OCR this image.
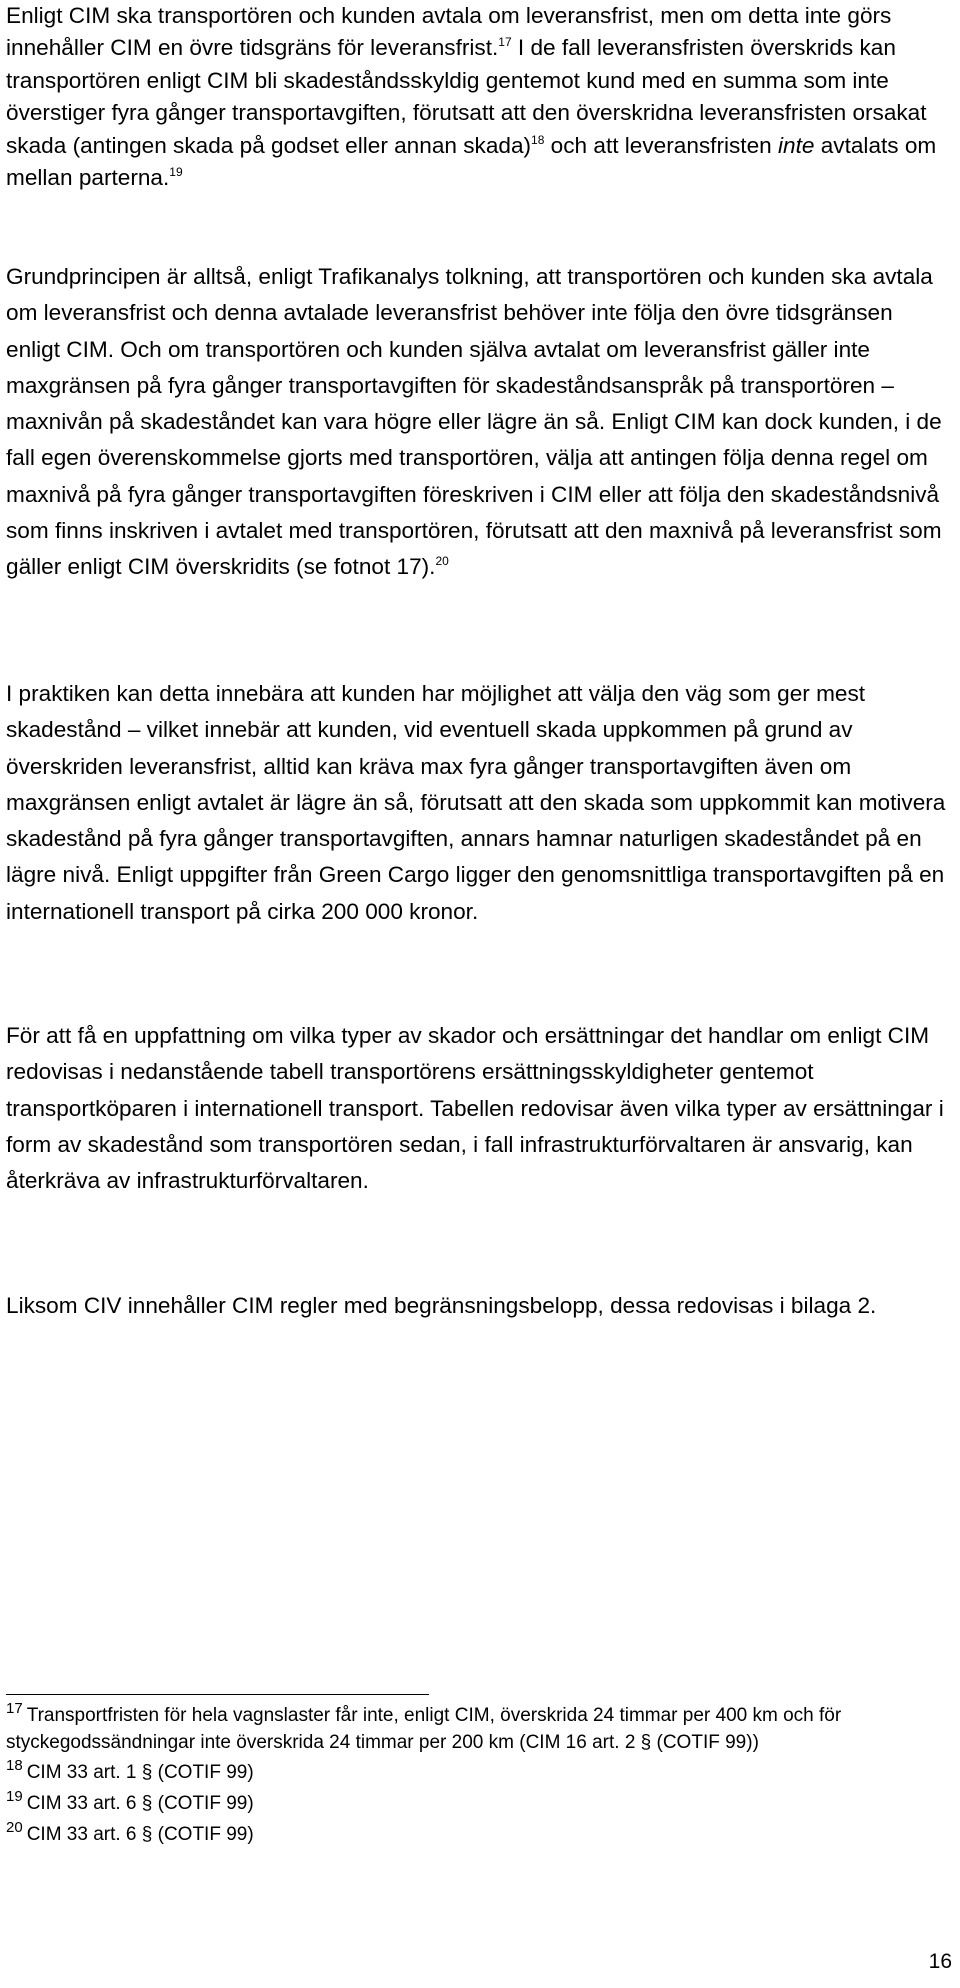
Enligt CIM ska transportören och kunden avtala om leveransfrist, men om detta inte görs innehåller CIM en övre tidsgräns för leveransfrist.$^{17}$ I de fall leveransfristen överskrids kan transportören enligt CIM bli skadeståndsskyldig gentemot kund med en summa som inte överstiger fyra gånger transportavgiften, förutsatt att den överskridna leveransfristen orsakat skada (antingen skada på godset eller annan skada)$^{18}$ och att leveransfristen inte avtalats om mellan parterna.$^{19}$

Grundprincipen är alltså, enligt Trafikanalys tolkning, att transportören och kunden ska avtala om leveransfrist och denna avtalade leveransfrist behöver inte följa den övre tidsgränsen enligt CIM. Och om transportören och kunden själva avtalat om leveransfrist gäller inte maxgränsen på fyra gånger transportavgiften för skadeståndsanspråk på transportören – maxnivån på skadeståndet kan vara högre eller lägre än så. Enligt CIM kan dock kunden, i de fall egen överenskommelse gjorts med transportören, välja att antingen följa denna regel om maxnivå på fyra gånger transportavgiften föreskriven i CIM eller att följa den skadeståndsnivå som finns inskriven i avtalet med transportören, förutsatt att den maxnivå på leveransfrist som gäller enligt CIM överskridits (se fotnot 17).$^{20}$

I praktiken kan detta innebära att kunden har möjlighet att välja den väg som ger mest skadestånd – vilket innebär att kunden, vid eventuell skada uppkommen på grund av överskriden leveransfrist, alltid kan kräva max fyra gånger transportavgiften även om maxgränsen enligt avtalet är lägre än så, förutsatt att den skada som uppkommit kan motivera skadestånd på fyra gånger transportavgiften, annars hamnar naturligen skadeståndet på en lägre nivå. Enligt uppgifter från Green Cargo ligger den genomsnittliga transportavgiften på en internationell transport på cirka 200 000 kronor.

För att få en uppfattning om vilka typer av skador och ersättningar det handlar om enligt CIM redovisas i nedanstående tabell transportörens ersättningsskyldigheter gentemot transportköparen i internationell transport. Tabellen redovisar även vilka typer av ersättningar i form av skadestånd som transportören sedan, i fall infrastrukturförvaltaren är ansvarig, kan återkräva av infrastrukturförvaltaren.

Liksom CIV innehåller CIM regler med begränsningsbelopp, dessa redovisas i bilaga 2.

$^{17}$ Transportfristen för hela vagnslaster får inte, enligt CIM, överskrida 24 timmar per 400 km och för styckegodssändningar inte överskrida 24 timmar per 200 km (CIM 16 art. 2 § (COTIF 99))
$^{18}$ CIM 33 art. 1 § (COTIF 99)
$^{19}$ CIM 33 art. 6 § (COTIF 99)
$^{20}$ CIM 33 art. 6 § (COTIF 99)
16
